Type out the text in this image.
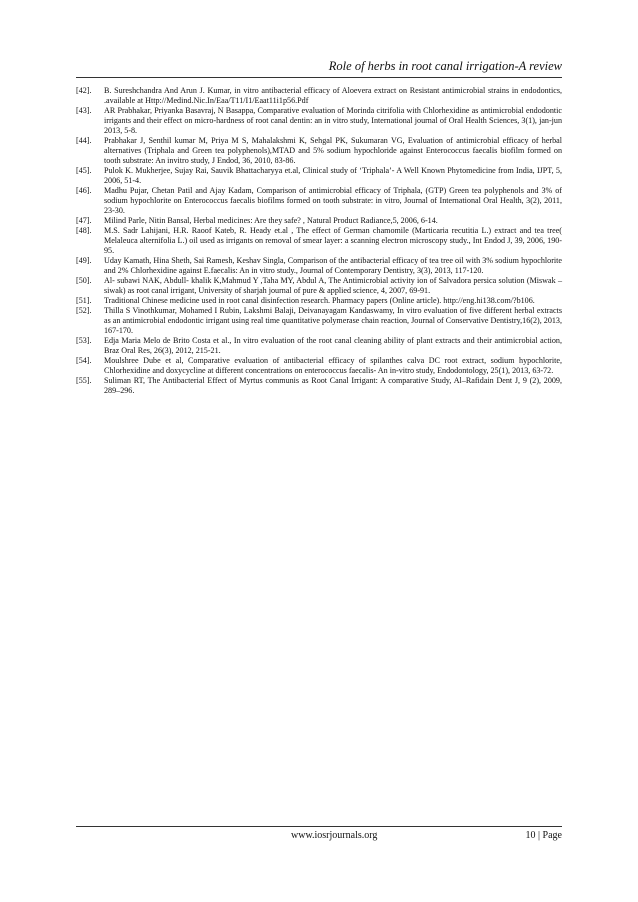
Role of herbs in root canal irrigation-A review
[42].	B. Sureshchandra And Arun J. Kumar, in vitro antibacterial efficacy of Aloevera extract on Resistant antimicrobial strains in endodontics, .available at Http://Medind.Nic.In/Eaa/T11/I1/Eaat11i1p56.Pdf
[43].	AR Prabhakar, Priyanka Basavraj, N Basappa, Comparative evaluation of Morinda citrifolia with Chlorhexidine as antimicrobial endodontic irrigants and their effect on micro-hardness of root canal dentin: an in vitro study, International journal of Oral Health Sciences, 3(1), jan-jun 2013, 5-8.
[44].	Prabhakar J, Senthil kumar M, Priya M S, Mahalakshmi K, Sehgal PK, Sukumaran VG, Evaluation of antimicrobial efficacy of herbal alternatives (Triphala and Green tea polyphenols),MTAD and 5% sodium hypochloride against Enterococcus faecalis biofilm formed on tooth substrate: An invitro study, J Endod, 36, 2010, 83-86.
[45].	Pulok K. Mukherjee, Sujay Rai, Sauvik Bhattacharyya et.al, Clinical study of ‘Triphala’- A Well Known Phytomedicine from India, IJPT, 5, 2006, 51-4.
[46].	Madhu Pujar, Chetan Patil and Ajay Kadam, Comparison of antimicrobial efficacy of Triphala, (GTP) Green tea polyphenols and 3% of sodium hypochlorite on Enterococcus faecalis biofilms formed on tooth substrate: in vitro, Journal of International Oral Health, 3(2), 2011, 23-30.
[47].	Milind Parle, Nitin Bansal, Herbal medicines: Are they safe? , Natural Product Radiance,5, 2006, 6-14.
[48].	M.S. Sadr Lahijani, H.R. Raoof Kateb, R. Heady et.al , The effect of German chamomile (Marticaria recutitia L.) extract and tea tree( Melaleuca alternifolia L.) oil used as irrigants on removal of smear layer: a scanning electron microscopy study., Int Endod J, 39, 2006, 190-95.
[49].	Uday Kamath, Hina Sheth, Sai Ramesh, Keshav Singla, Comparison of the antibacterial efficacy of tea tree oil with 3% sodium hypochlorite and 2% Chlorhexidine against E.faecalis: An in vitro study., Journal of Contemporary Dentistry, 3(3), 2013, 117-120.
[50].	Al- subawi NAK, Abdull- khalik K,Mahmud Y ,Taha MY, Abdul A, The Antimicrobial activity ion of Salvadora persica solution (Miswak –siwak) as root canal irrigant, University of sharjah journal of pure & applied science, 4, 2007, 69-91.
[51].	Traditional Chinese medicine used in root canal disinfection research. Pharmacy papers (Online article). http://eng.hi138.com/?b106.
[52].	Thilla S Vinothkumar, Mohamed I Rubin, Lakshmi Balaji, Deivanayagam Kandaswamy, In vitro evaluation of five different herbal extracts as an antimicrobial endodontic irrigant using real time quantitative polymerase chain reaction, Journal of Conservative Dentistry,16(2), 2013, 167-170.
[53].	Edja Maria Melo de Brito Costa et al., In vitro evaluation of the root canal cleaning ability of plant extracts and their antimicrobial action, Braz Oral Res, 26(3), 2012, 215-21.
[54].	Moulshree Dube et al, Comparative evaluation of antibacterial efficacy of spilanthes calva DC root extract, sodium hypochlorite, Chlorhexidine and doxycycline at different concentrations on enterococcus faecalis- An in-vitro study, Endodontology, 25(1), 2013, 63-72.
[55].	Suliman RT, The Antibacterial Effect of Myrtus communis as Root Canal Irrigant: A comparative Study, Al–Rafidain Dent J, 9 (2), 2009, 289–296.
www.iosrjournals.org	10 | Page
